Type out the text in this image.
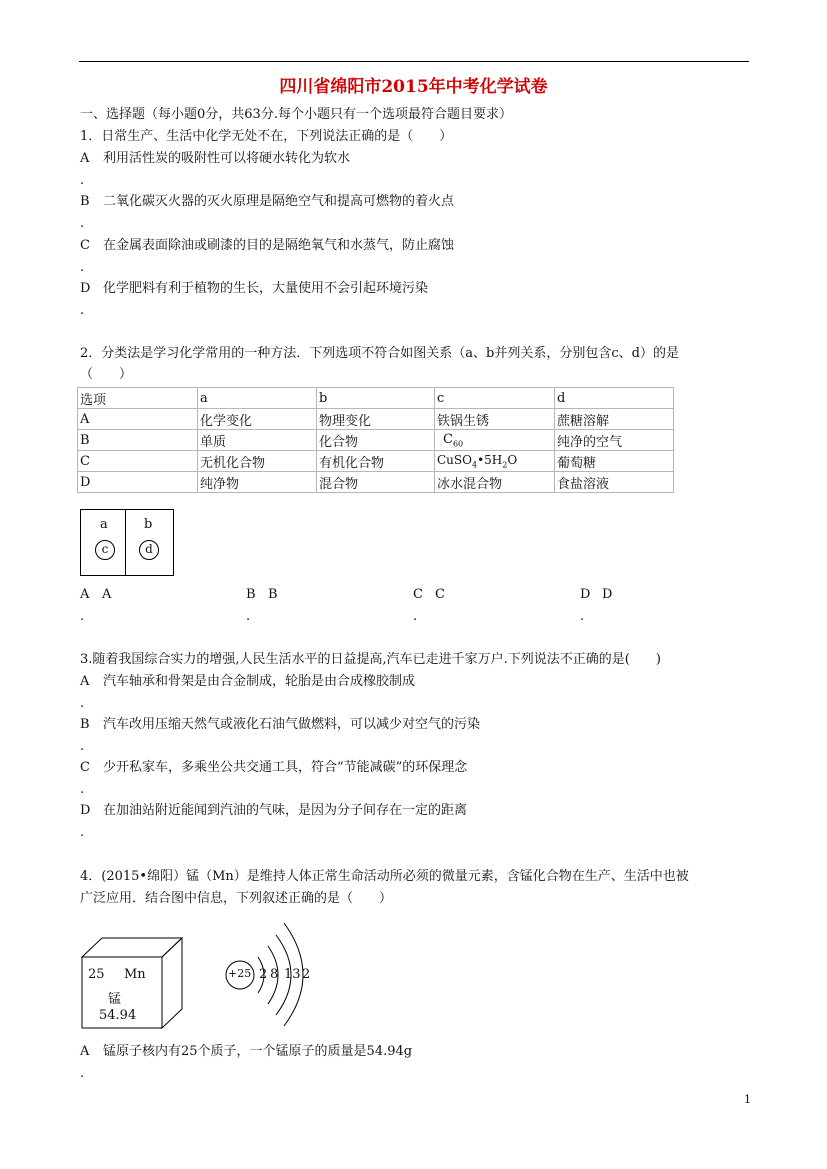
四川省绵阳市2015年中考化学试卷
一、选择题（每小题0分，共63分.每个小题只有一个选项最符合题目要求）
1．日常生产、生活中化学无处不在，下列说法正确的是（　　）
A 利用活性炭的吸附性可以将硬水转化为软水
.
B 二氧化碳灭火器的灭火原理是隔绝空气和提高可燃物的着火点
.
C 在金属表面除油或刷漆的目的是隔绝氧气和水蒸气，防止腐蚀
.
D 化学肥料有利于植物的生长，大量使用不会引起环境污染
.
2．分类法是学习化学常用的一种方法．下列选项不符合如图关系（a、b并列关系，分别包含c、d）的是
（　　）
选项	a	b	c	d
A	化学变化	物理变化	铁锅生锈	蔗糖溶解
B	单质	化合物	$C_{60}$	纯净的空气
C	无机化合物	有机化合物	$CuSO_4•5H_2O$	葡萄糖
D	纯净物	混合物	冰水混合物	食盐溶液
a	b
c	d
A A	B B	C C	D D
.	.	.	.
3.随着我国综合实力的增强,人民生活水平的日益提高,汽车已走进千家万户.下列说法不正确的是(　　)
A 汽车轴承和骨架是由合金制成，轮胎是由合成橡胶制成
.
B 汽车改用压缩天然气或液化石油气做燃料，可以减少对空气的污染
.
C 少开私家车，多乘坐公共交通工具，符合“节能减碳”的环保理念
.
D 在加油站附近能闻到汽油的气味，是因为分子间存在一定的距离
.
4．(2015•绵阳）锰（Mn）是维持人体正常生命活动所必须的微量元素，含锰化合物在生产、生活中也被
广泛应用．结合图中信息，下列叙述正确的是（　　）
25 Mn
锰
54.94
+25 2 8 13 2
A 锰原子核内有25个质子，一个锰原子的质量是54.94g
.
1
